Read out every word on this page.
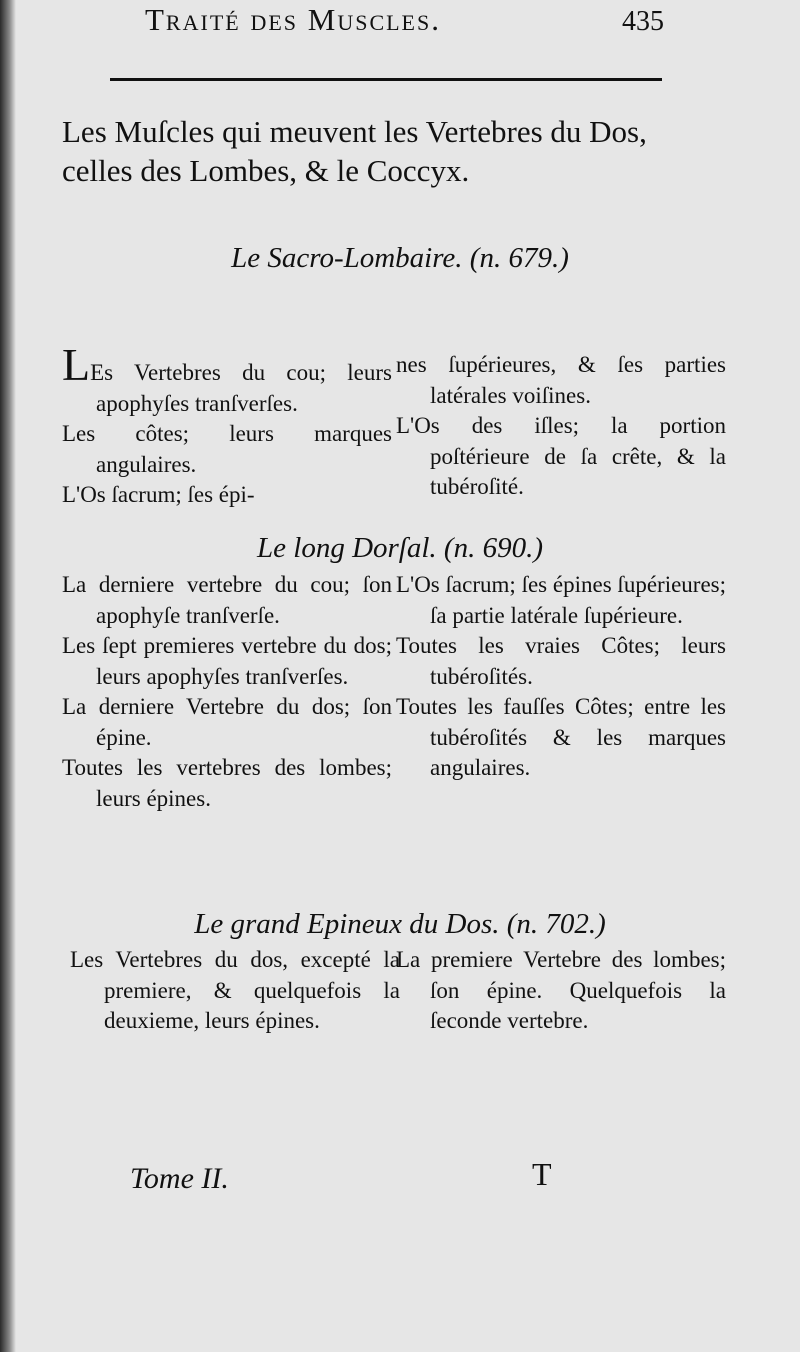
Traité des Muscles.	435
Les Muſcles qui meuvent les Vertebres du Dos, celles des Lombes, & le Coccyx.
Le Sacro-Lombaire. (n. 679.)

LEs Vertebres du cou; leurs apophyſes tranſverſes.

Les côtes; leurs marques angulaires.

L'Os ſacrum; ſes épi-

nes ſupérieures, & ſes parties latérales voiſines.

L'Os des iſles; la portion poſtérieure de ſa crête, & la tubéroſité.

Le long Dorſal. (n. 690.)

La derniere vertebre du cou; ſon apophyſe tranſverſe.

Les ſept premieres vertebre du dos; leurs apophyſes tranſverſes.

La derniere Vertebre du dos; ſon épine.

Toutes les vertebres des lombes; leurs épines.

L'Os ſacrum; ſes épines ſupérieures; ſa partie latérale ſupérieure.

Toutes les vraies Côtes; leurs tubéroſités.

Toutes les fauſſes Côtes; entre les tubéroſités & les marques angulaires.

Le grand Epineux du Dos. (n. 702.)

Les Vertebres du dos, excepté la premiere, & quelquefois la deuxieme, leurs épines.

La premiere Vertebre des lombes; ſon épine. Quelquefois la ſeconde vertebre.

Tome II.	T
